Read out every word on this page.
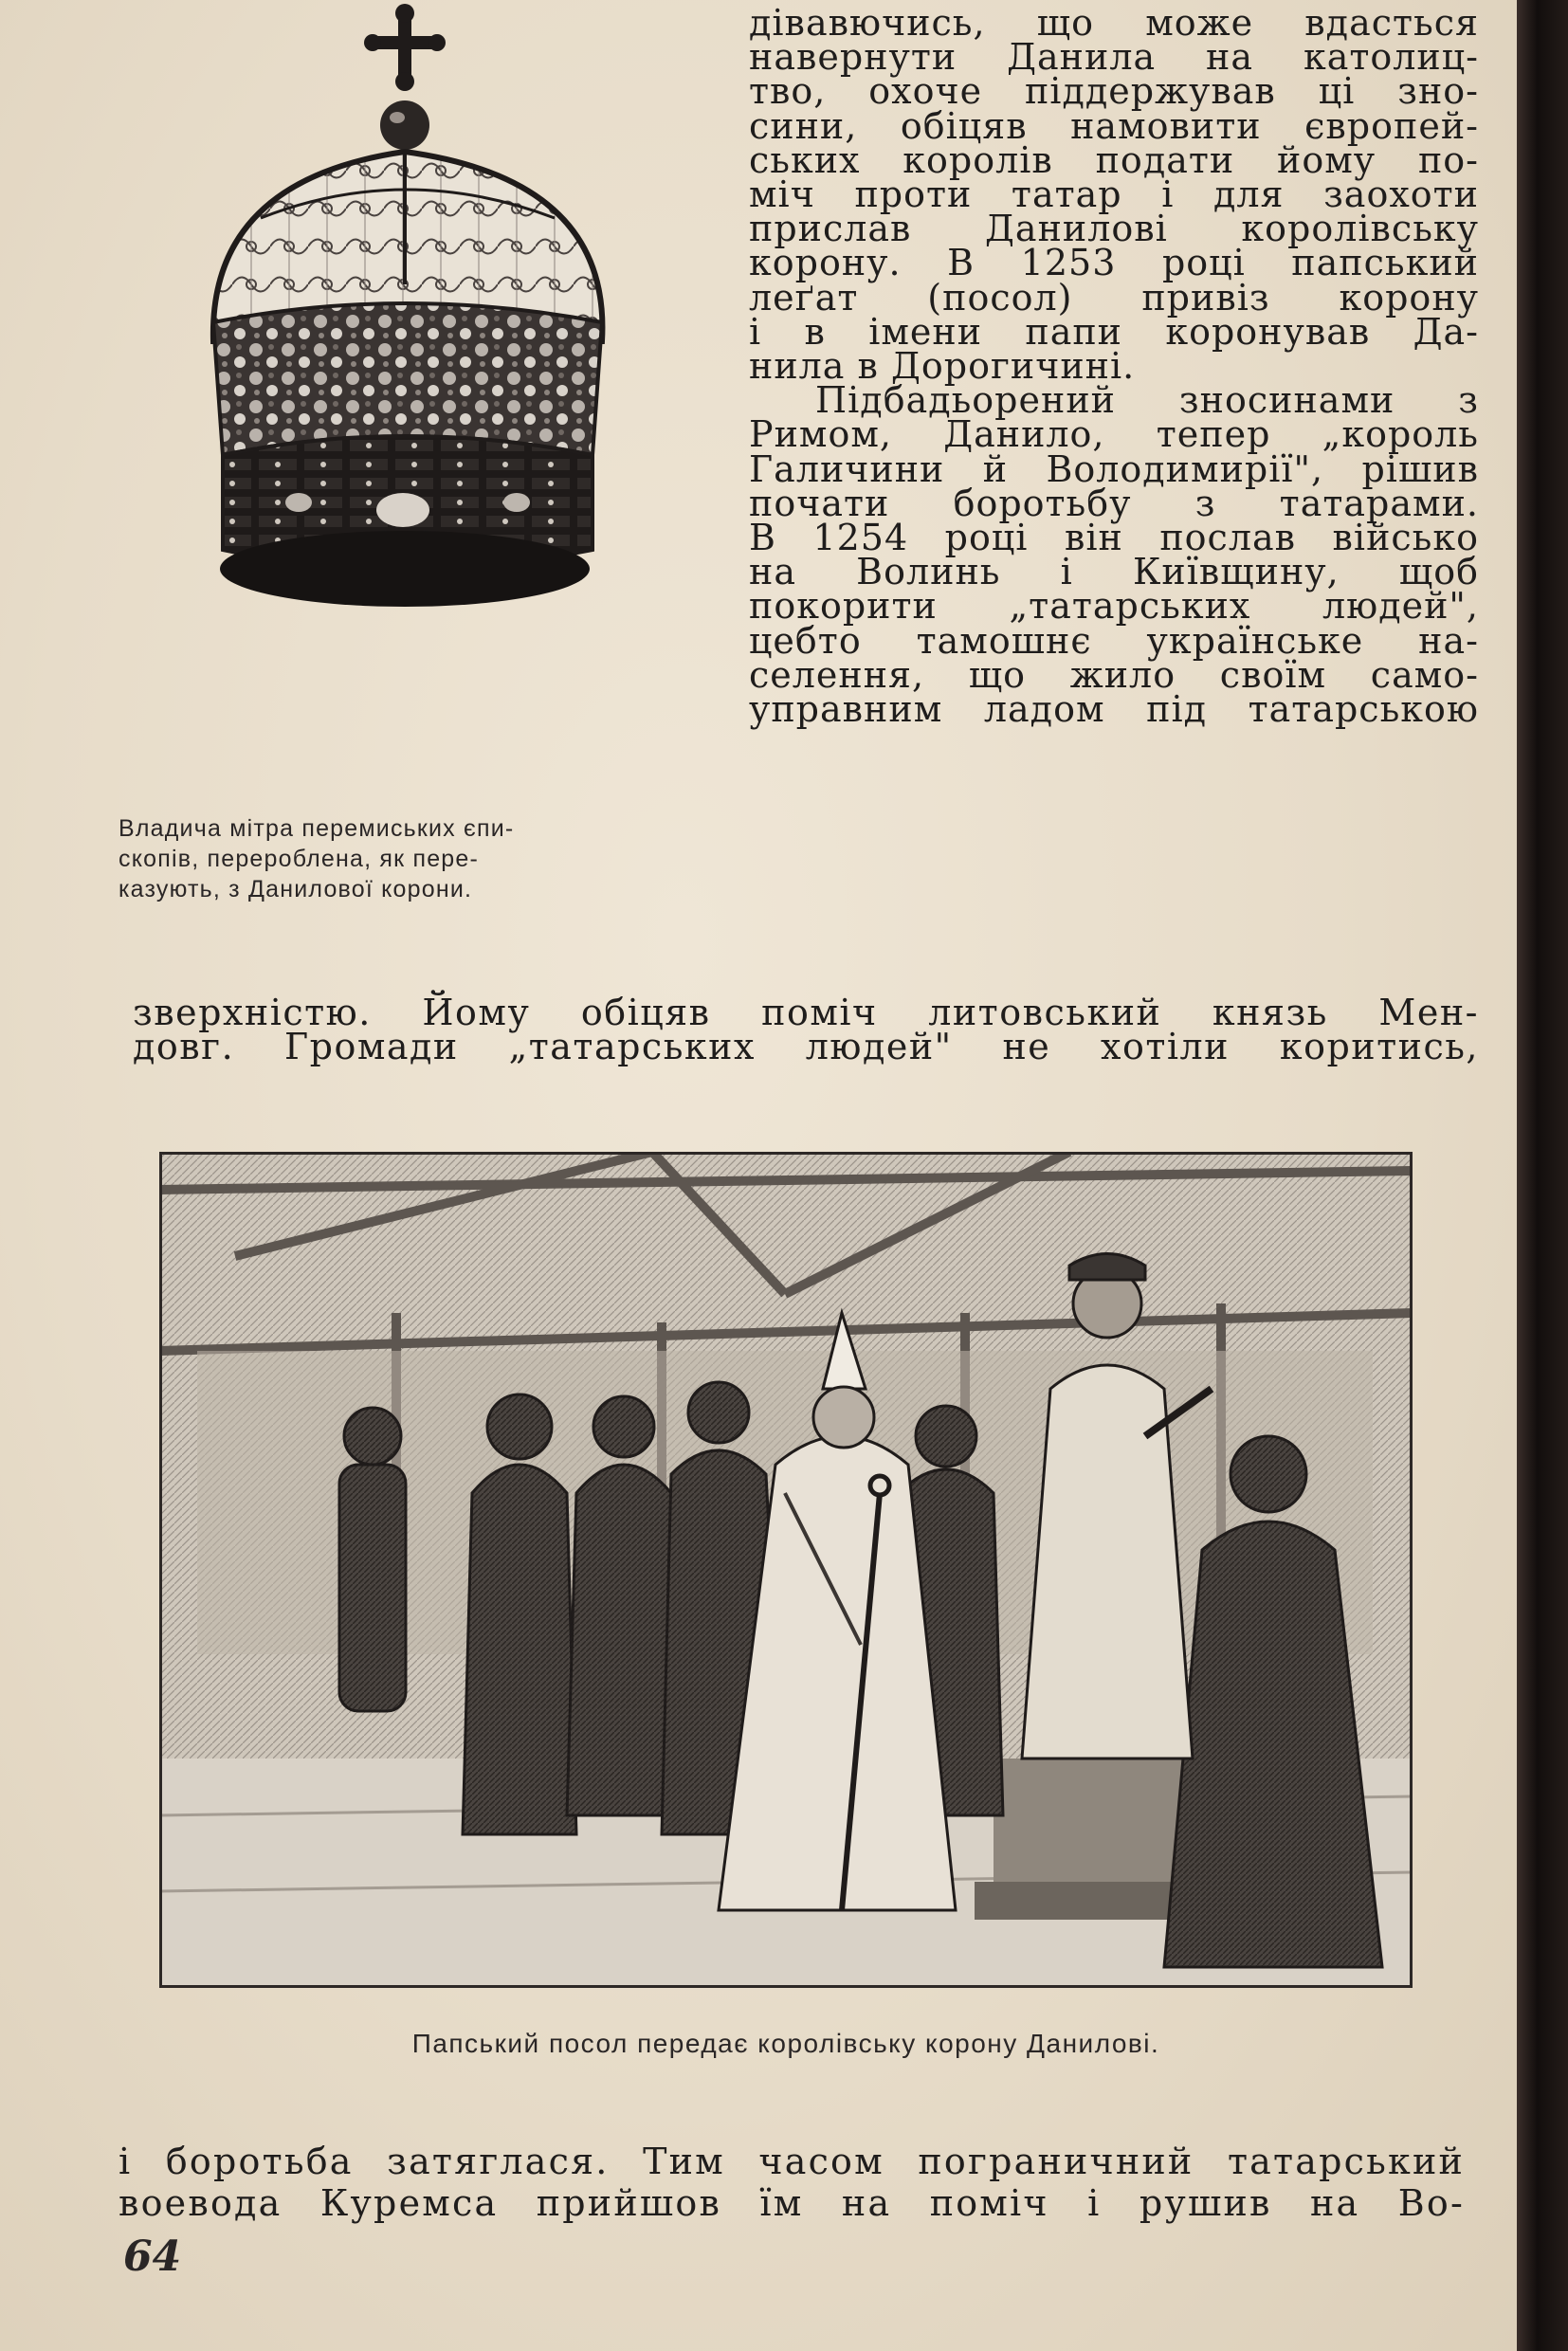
Владича мітра перемиських єпи-
скопів, перероблена, як пере-
казують, з Данилової корони.
дівавючись, що може вдасться
навернути Данила на католиц-
тво, охоче піддержував ці зно-
сини, обіцяв намовити європей-
ських королів подати йому по-
міч проти татар і для заохоти
прислав Данилові королівську
корону. В 1253 році папський
леґат (посол) привіз корону
і в імени папи коронував Да-
нила в Дорогичині.
Підбадьорений зносинами з
Римом, Данило, тепер „король
Галичини й Володимирії", рішив
почати боротьбу з татарами.
В 1254 році він послав військо
на Волинь і Київщину, щоб
покорити „татарських людей",
цебто тамошнє українське на-
селення, що жило своїм само-
управним ладом під татарською
зверхністю. Йому обіцяв поміч литовський князь Мен-
довг. Громади „татарських людей" не хотіли коритись,
Папський посол передає королівську корону Данилові.
і боротьба затяглася. Тим часом пограничний татарський
воевода Куремса прийшов їм на поміч і рушив на Во-
64
